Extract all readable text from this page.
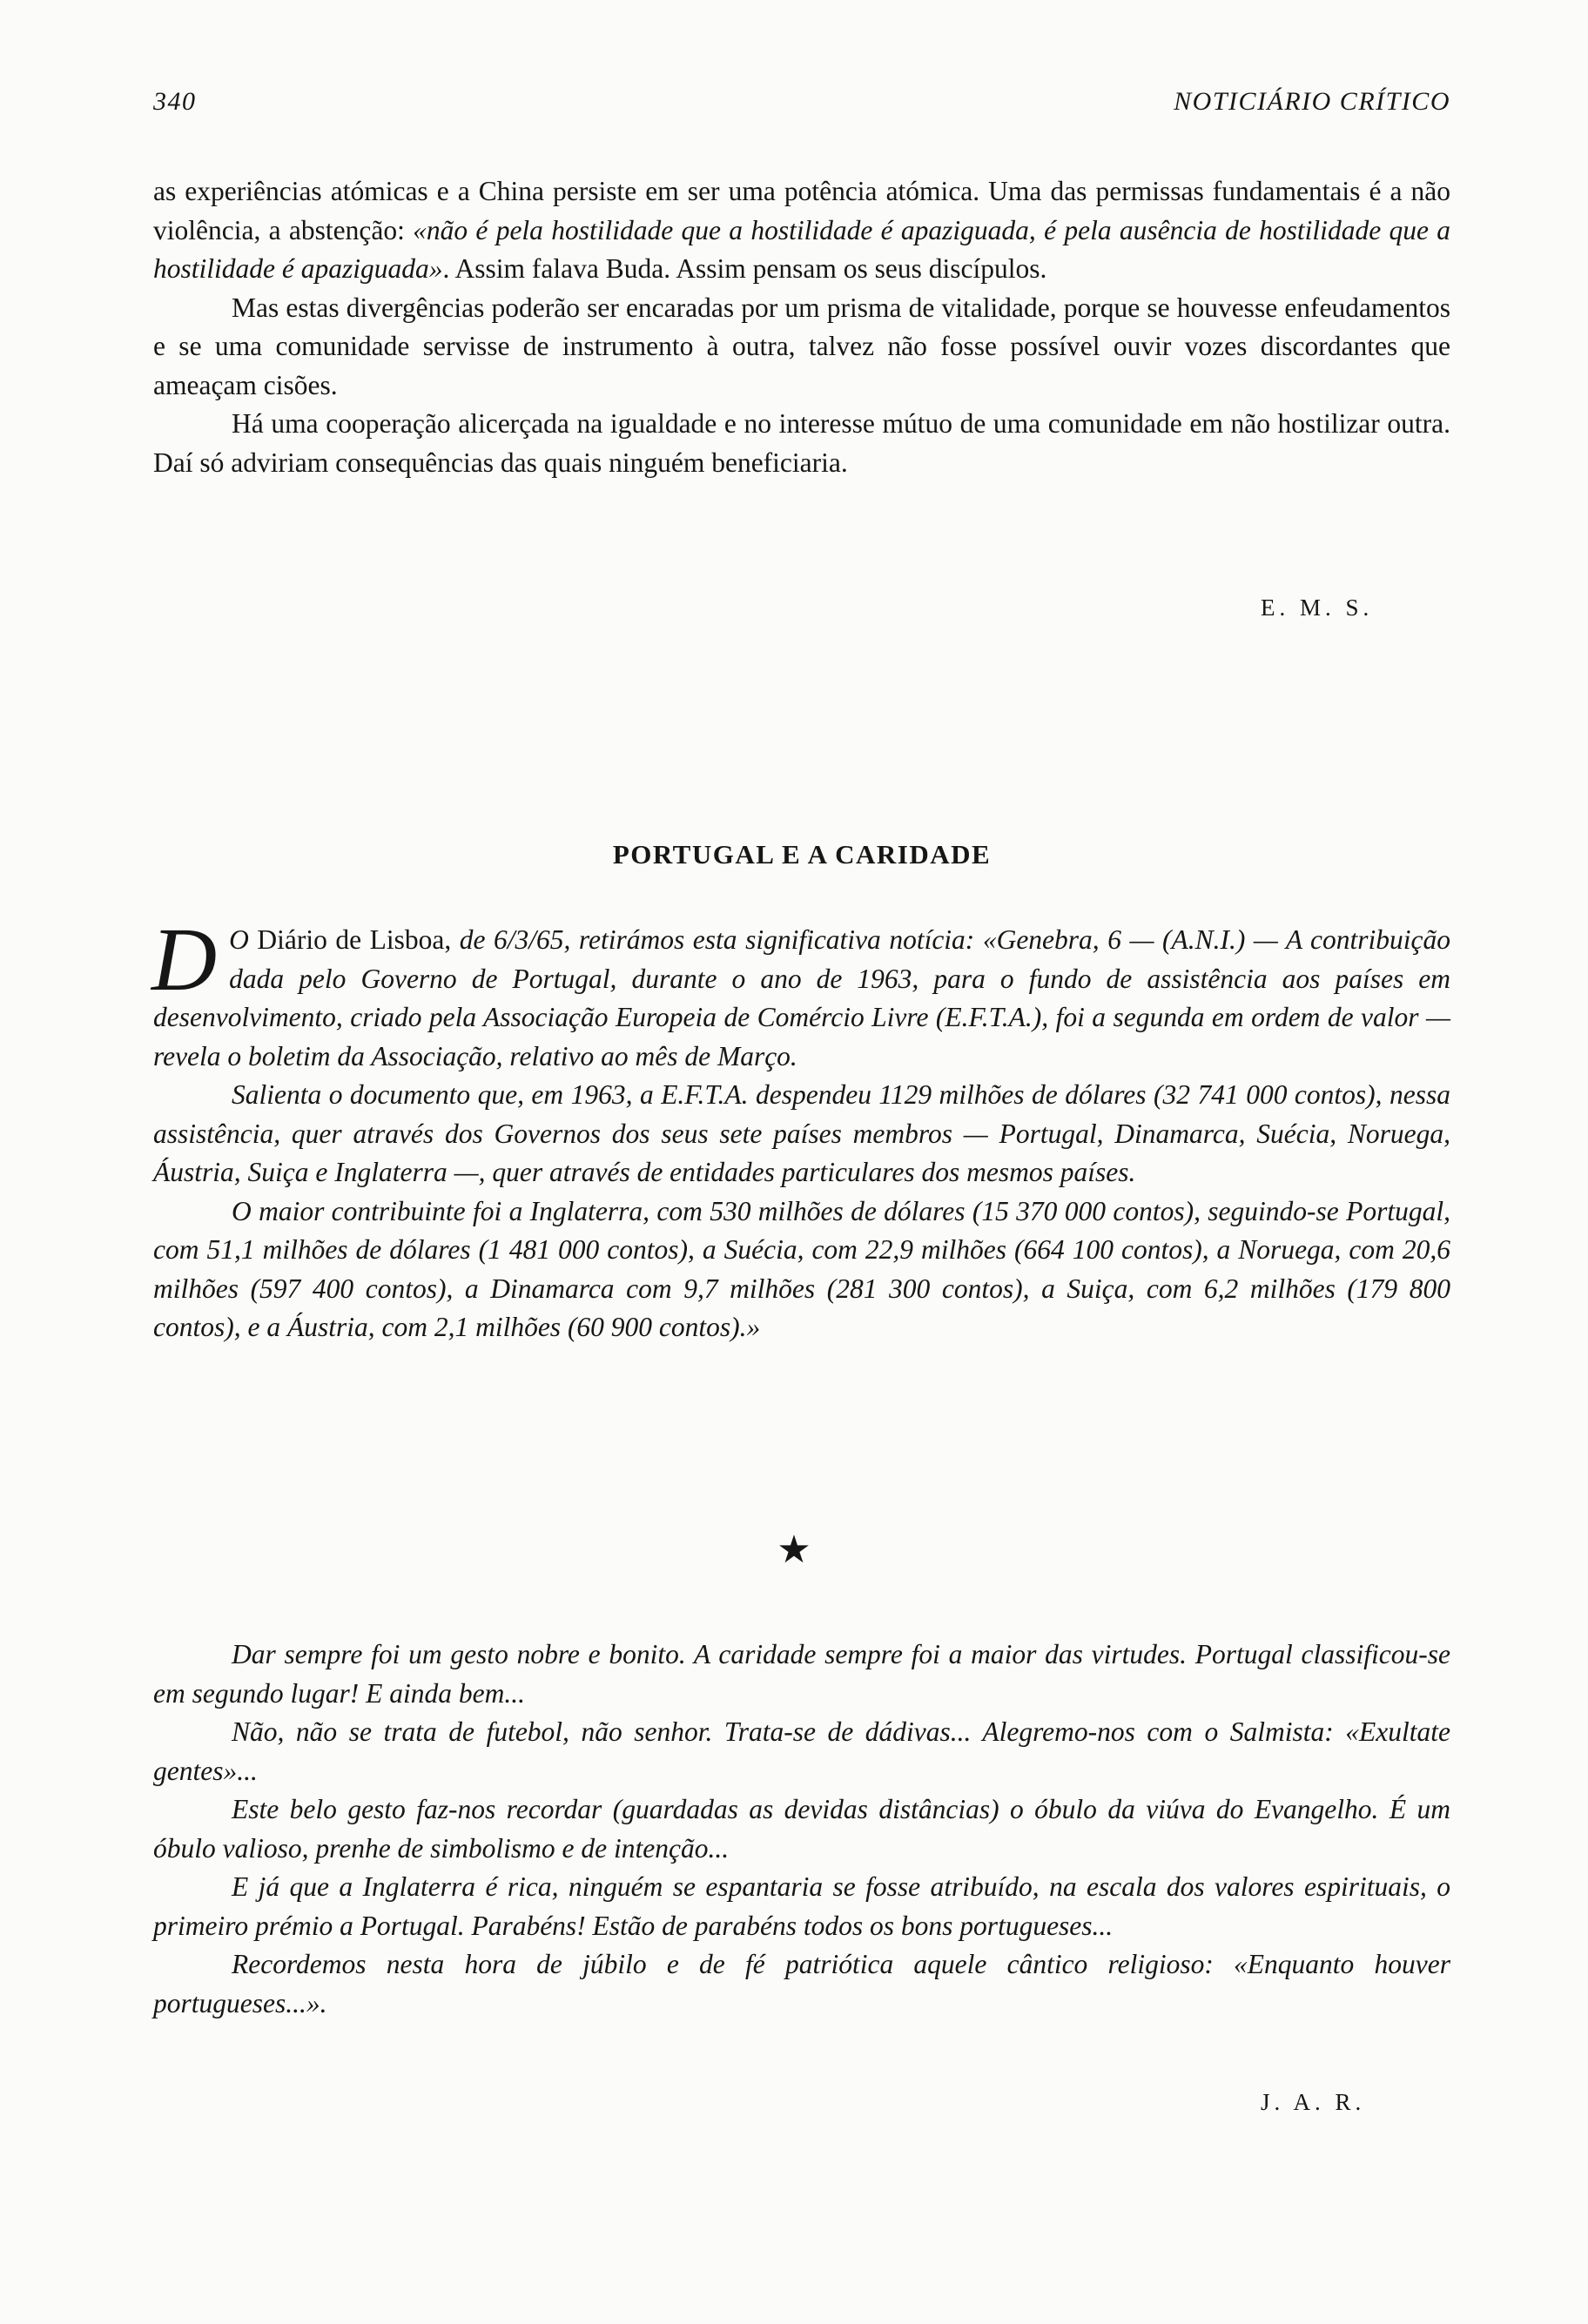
340	NOTICIÁRIO CRÍTICO

as experiências atómicas e a China persiste em ser uma potência atómica. Uma das permissas fundamentais é a não violência, a abstenção: «não é pela hostilidade que a hostilidade é apaziguada, é pela ausência de hostilidade que a hostilidade é apaziguada». Assim falava Buda. Assim pensam os seus discípulos.

Mas estas divergências poderão ser encaradas por um prisma de vitalidade, porque se houvesse enfeudamentos e se uma comunidade servisse de instrumento à outra, talvez não fosse possível ouvir vozes discordantes que ameaçam cisões.

Há uma cooperação alicerçada na igualdade e no interesse mútuo de uma comunidade em não hostilizar outra. Daí só adviriam consequências das quais ninguém beneficiaria.

E. M. S.
PORTUGAL E A CARIDADE

D O Diário de Lisboa, de 6/3/65, retirámos esta significativa notícia: «Genebra, 6 — (A.N.I.) — A contribuição dada pelo Governo de Portugal, durante o ano de 1963, para o fundo de assistência aos países em desenvolvimento, criado pela Associação Europeia de Comércio Livre (E.F.T.A.), foi a segunda em ordem de valor — revela o boletim da Associação, relativo ao mês de Março.

Salienta o documento que, em 1963, a E.F.T.A. despendeu 1129 milhões de dólares (32 741 000 contos), nessa assistência, quer através dos Governos dos seus sete países membros — Portugal, Dinamarca, Suécia, Noruega, Áustria, Suiça e Inglaterra —, quer através de entidades particulares dos mesmos países.

O maior contribuinte foi a Inglaterra, com 530 milhões de dólares (15 370 000 contos), seguindo-se Portugal, com 51,1 milhões de dólares (1 481 000 contos), a Suécia, com 22,9 milhões (664 100 contos), a Noruega, com 20,6 milhões (597 400 contos), a Dinamarca com 9,7 milhões (281 300 contos), a Suiça, com 6,2 milhões (179 800 contos), e a Áustria, com 2,1 milhões (60 900 contos).»

★

Dar sempre foi um gesto nobre e bonito. A caridade sempre foi a maior das virtudes. Portugal classificou-se em segundo lugar! E ainda bem...

Não, não se trata de futebol, não senhor. Trata-se de dádivas... Alegremo-nos com o Salmista: «Exultate gentes»...

Este belo gesto faz-nos recordar (guardadas as devidas distâncias) o óbulo da viúva do Evangelho. É um óbulo valioso, prenhe de simbolismo e de intenção...

E já que a Inglaterra é rica, ninguém se espantaria se fosse atribuído, na escala dos valores espirituais, o primeiro prémio a Portugal. Parabéns! Estão de parabéns todos os bons portugueses...

Recordemos nesta hora de júbilo e de fé patriótica aquele cântico religioso: «Enquanto houver portugueses...».

J. A. R.
